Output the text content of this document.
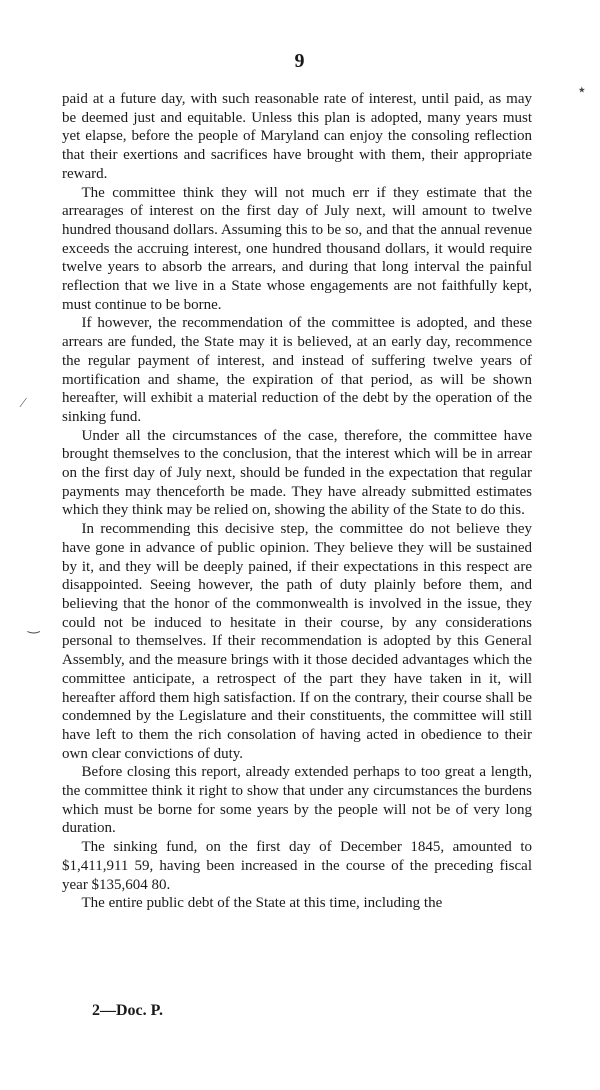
9

paid at a future day, with such reasonable rate of interest, until paid, as may be deemed just and equitable. Unless this plan is adopted, many years must yet elapse, before the people of Maryland can enjoy the consoling reflection that their exertions and sacrifices have brought with them, their appropriate reward.

The committee think they will not much err if they estimate that the arrearages of interest on the first day of July next, will amount to twelve hundred thousand dollars. Assuming this to be so, and that the annual revenue exceeds the accruing interest, one hundred thousand dollars, it would require twelve years to absorb the arrears, and during that long interval the painful reflection that we live in a State whose engagements are not faithfully kept, must continue to be borne.

If however, the recommendation of the committee is adopted, and these arrears are funded, the State may it is believed, at an early day, recommence the regular payment of interest, and instead of suffering twelve years of mortification and shame, the expiration of that period, as will be shown hereafter, will exhibit a material reduction of the debt by the operation of the sinking fund.

Under all the circumstances of the case, therefore, the committee have brought themselves to the conclusion, that the interest which will be in arrear on the first day of July next, should be funded in the expectation that regular payments may thenceforth be made. They have already submitted estimates which they think may be relied on, showing the ability of the State to do this.

In recommending this decisive step, the committee do not believe they have gone in advance of public opinion. They believe they will be sustained by it, and they will be deeply pained, if their expectations in this respect are disappointed. Seeing however, the path of duty plainly before them, and believing that the honor of the commonwealth is involved in the issue, they could not be induced to hesitate in their course, by any considerations personal to themselves. If their recommendation is adopted by this General Assembly, and the measure brings with it those decided advantages which the committee anticipate, a retrospect of the part they have taken in it, will hereafter afford them high satisfaction. If on the contrary, their course shall be condemned by the Legislature and their constituents, the committee will still have left to them the rich consolation of having acted in obedience to their own clear convictions of duty.

Before closing this report, already extended perhaps to too great a length, the committee think it right to show that under any circumstances the burdens which must be borne for some years by the people will not be of very long duration.

The sinking fund, on the first day of December 1845, amounted to $1,411,911 59, having been increased in the course of the preceding fiscal year $135,604 80.

The entire public debt of the State at this time, including the

2—Doc. P.
٭
⁄
‿
